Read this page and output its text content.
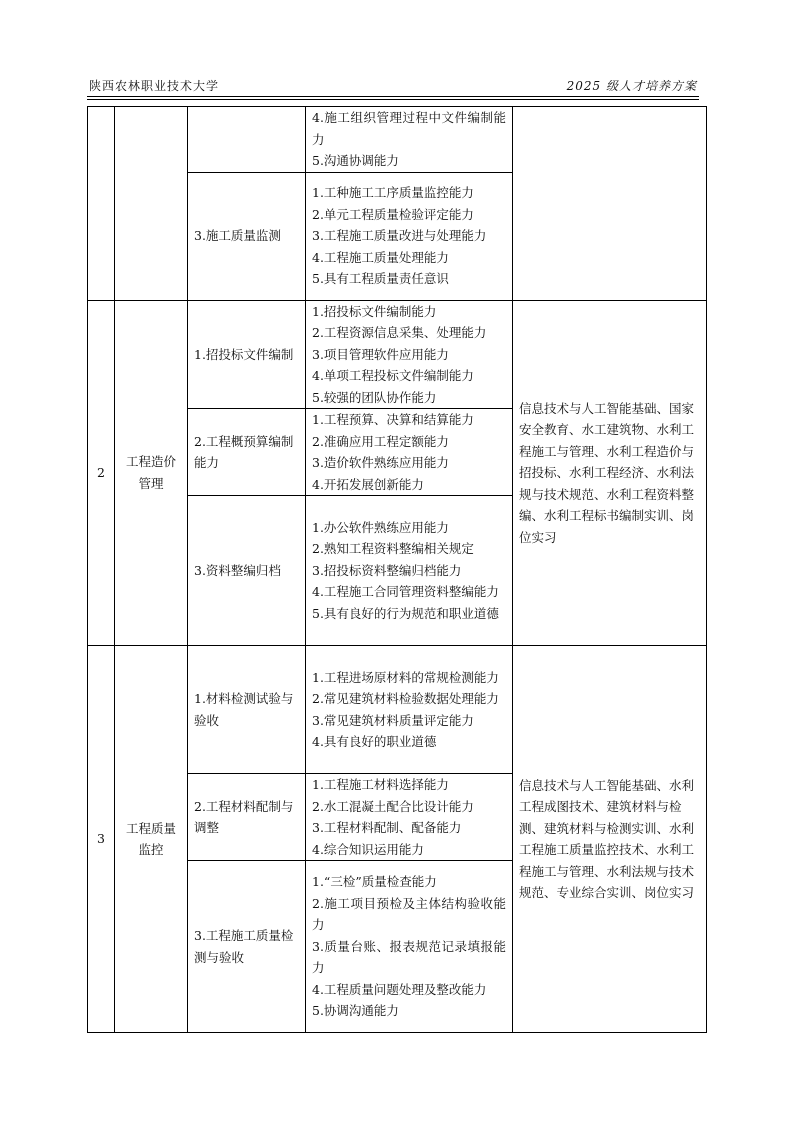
陕西农林职业技术大学	2025 级人才培养方案

			4.施工组织管理过程中文件编制能力
5.沟通协调能力	

		3.施工质量监测	1.工种施工工序质量监控能力
2.单元工程质量检验评定能力
3.工程施工质量改进与处理能力
4.工程施工质量处理能力
5.具有工程质量责任意识	

2	工程造价管理	1.招投标文件编制	1.招投标文件编制能力
2.工程资源信息采集、处理能力
3.项目管理软件应用能力
4.单项工程投标文件编制能力
5.较强的团队协作能力	信息技术与人工智能基础、国家安全教育、水工建筑物、水利工程施工与管理、水利工程造价与招投标、水利工程经济、水利法规与技术规范、水利工程资料整编、水利工程标书编制实训、岗位实习
		2.工程概预算编制能力	1.工程预算、决算和结算能力
2.准确应用工程定额能力
3.造价软件熟练应用能力
4.开拓发展创新能力	

		3.资料整编归档	1.办公软件熟练应用能力
2.熟知工程资料整编相关规定
3.招投标资料整编归档能力
4.工程施工合同管理资料整编能力
5.具有良好的行为规范和职业道德	

3	工程质量监控	1.材料检测试验与验收	1.工程进场原材料的常规检测能力
2.常见建筑材料检验数据处理能力
3.常见建筑材料质量评定能力
4.具有良好的职业道德	信息技术与人工智能基础、水利工程成图技术、建筑材料与检测、建筑材料与检测实训、水利工程施工质量监控技术、水利工程施工与管理、水利法规与技术规范、专业综合实训、岗位实习
		2.工程材料配制与调整	1.工程施工材料选择能力
2.水工混凝土配合比设计能力
3.工程材料配制、配备能力
4.综合知识运用能力	

		3.工程施工质量检测与验收	1.“三检”质量检查能力
2.施工项目预检及主体结构验收能力
3.质量台账、报表规范记录填报能力
4.工程质量问题处理及整改能力
5.协调沟通能力	
